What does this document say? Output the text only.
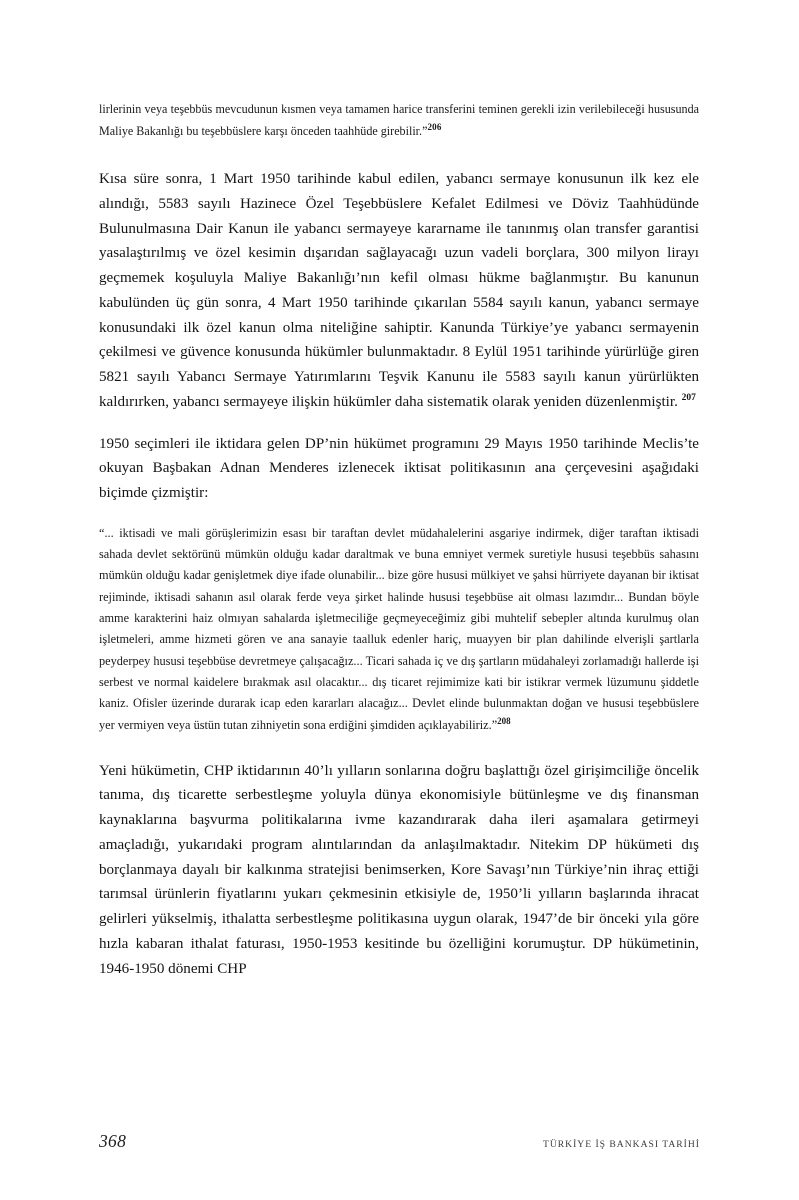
lirlerinin veya teşebbüs mevcudunun kısmen veya tamamen harice transferini teminen gerekli izin verilebileceği hususunda Maliye Bakanlığı bu teşebbüslere karşı önceden taahhüde girebilir.”$^{206}$

Kısa süre sonra, 1 Mart 1950 tarihinde kabul edilen, yabancı sermaye konusunun ilk kez ele alındığı, 5583 sayılı Hazinece Özel Teşebbüslere Kefalet Edilmesi ve Döviz Taahhüdünde Bulunulmasına Dair Kanun ile yabancı sermayeye kararname ile tanınmış olan transfer garantisi yasalaştırılmış ve özel kesimin dışarıdan sağlayacağı uzun vadeli borçlara, 300 milyon lirayı geçmemek koşuluyla Maliye Bakanlığı’nın kefil olması hükme bağlanmıştır. Bu kanunun kabulünden üç gün sonra, 4 Mart 1950 tarihinde çıkarılan 5584 sayılı kanun, yabancı sermaye konusundaki ilk özel kanun olma niteliğine sahiptir. Kanunda Türkiye’ye yabancı sermayenin çekilmesi ve güvence konusunda hükümler bulunmaktadır. 8 Eylül 1951 tarihinde yürürlüğe giren 5821 sayılı Yabancı Sermaye Yatırımlarını Teşvik Kanunu ile 5583 sayılı kanun yürürlükten kaldırırken, yabancı sermayeye ilişkin hükümler daha sistematik olarak yeniden düzenlenmiştir. $^{207}$

1950 seçimleri ile iktidara gelen DP’nin hükümet programını 29 Mayıs 1950 tarihinde Meclis’te okuyan Başbakan Adnan Menderes izlenecek iktisat politikasının ana çerçevesini aşağıdaki biçimde çizmiştir:

“... iktisadi ve mali görüşlerimizin esası bir taraftan devlet müdahalelerini asgariye indirmek, diğer taraftan iktisadi sahada devlet sektörünü mümkün olduğu kadar daraltmak ve buna emniyet vermek suretiyle hususi teşebbüs sahasını mümkün olduğu kadar genişletmek diye ifade olunabilir... bize göre hususi mülkiyet ve şahsi hürriyete dayanan bir iktisat rejiminde, iktisadi sahanın asıl olarak ferde veya şirket halinde hususi teşebbüse ait olması lazımdır... Bundan böyle amme karakterini haiz olmıyan sahalarda işletmeciliğe geçmeyeceğimiz gibi muhtelif sebepler altında kurulmuş olan işletmeleri, amme hizmeti gören ve ana sanayie taalluk edenler hariç, muayyen bir plan dahilinde elverişli şartlarla peyderpey hususi teşebbüse devretmeye çalışacağız... Ticari sahada iç ve dış şartların müdahaleyi zorlamadığı hallerde işi serbest ve normal kaidelere bırakmak asıl olacaktır... dış ticaret rejimimize kati bir istikrar vermek lüzumunu şiddetle kaniz. Ofisler üzerinde durarak icap eden kararları alacağız... Devlet elinde bulunmaktan doğan ve hususi teşebbüslere yer vermiyen veya üstün tutan zihniyetin sona erdiğini şimdiden açıklayabiliriz.”$^{208}$

Yeni hükümetin, CHP iktidarının 40’lı yılların sonlarına doğru başlattığı özel girişimciliğe öncelik tanıma, dış ticarette serbestleşme yoluyla dünya ekonomisiyle bütünleşme ve dış finansman kaynaklarına başvurma politikalarına ivme kazandırarak daha ileri aşamalara getirmeyi amaçladığı, yukarıdaki program alıntılarından da anlaşılmaktadır. Nitekim DP hükümeti dış borçlanmaya dayalı bir kalkınma stratejisi benimserken, Kore Savaşı’nın Türkiye’nin ihraç ettiği tarımsal ürünlerin fiyatlarını yukarı çekmesinin etkisiyle de, 1950’li yılların başlarında ihracat gelirleri yükselmiş, ithalatta serbestleşme politikasına uygun olarak, 1947’de bir önceki yıla göre hızla kabaran ithalat faturası, 1950-1953 kesitinde bu özelliğini korumuştur. DP hükümetinin, 1946-1950 dönemi CHP

368	TÜRKİYE İŞ BANKASI TARİHİ
